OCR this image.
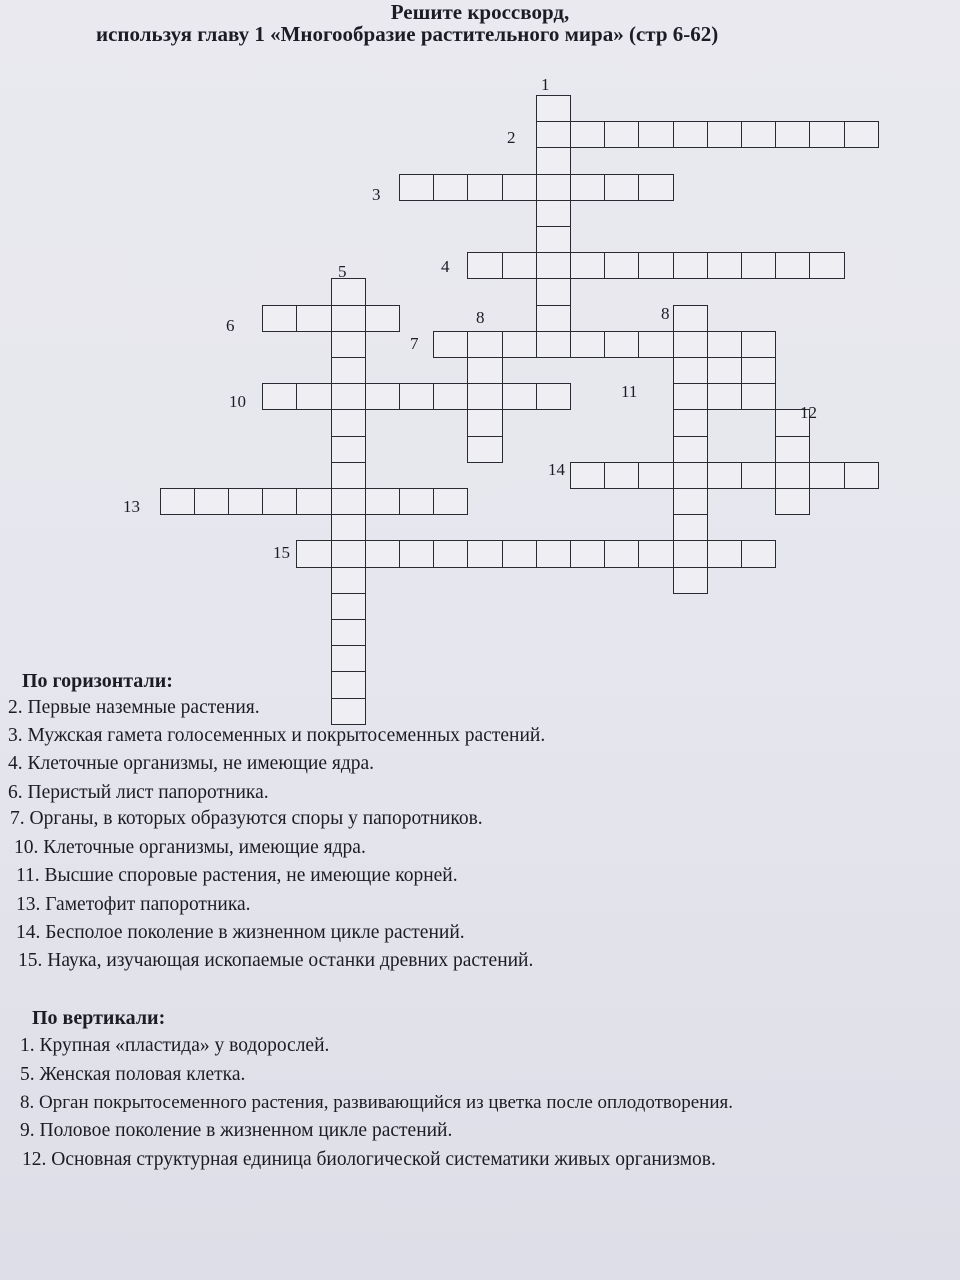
Решите кроссворд,
используя главу 1 «Многообразие растительного мира» (стр 6-62)
1
2
3
4
5
6
7
8	8
10
11
12
13
14
15
По горизонтали:
2. Первые наземные растения.
3. Мужская гамета голосеменных и покрытосеменных растений.
4. Клеточные организмы, не имеющие ядра.
6. Перистый лист папоротника.
7. Органы, в которых образуются споры у папоротников.
10. Клеточные организмы, имеющие ядра.
11. Высшие споровые растения, не имеющие корней.
13. Гаметофит папоротника.
14. Бесполое поколение в жизненном цикле растений.
15. Наука, изучающая ископаемые останки древних растений.
По вертикали:
1. Крупная «пластида» у водорослей.
5. Женская половая клетка.
8. Орган покрытосеменного растения, развивающийся из цветка после оплодотворения.
9. Половое поколение в жизненном цикле растений.
12. Основная структурная единица биологической систематики живых организмов.
